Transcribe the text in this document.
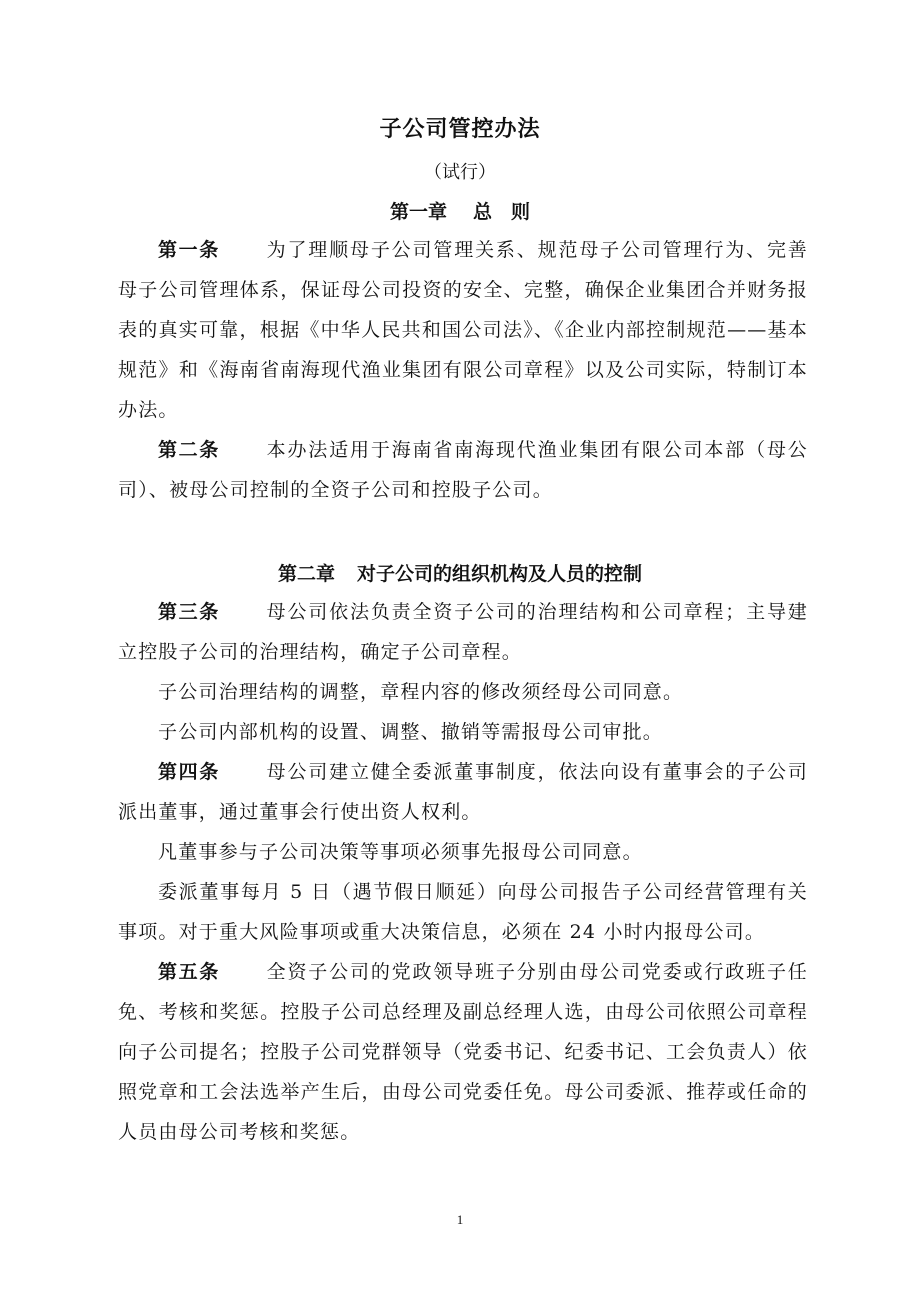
子公司管控办法
（试行）
第一章 总　则

第一条 为了理顺母子公司管理关系、规范母子公司管理行为、完善母子公司管理体系，保证母公司投资的安全、完整，确保企业集团合并财务报表的真实可靠，根据《中华人民共和国公司法》、《企业内部控制规范——基本规范》和《海南省南海现代渔业集团有限公司章程》以及公司实际，特制订本办法。

第二条 本办法适用于海南省南海现代渔业集团有限公司本部（母公司）、被母公司控制的全资子公司和控股子公司。

第二章 对子公司的组织机构及人员的控制

第三条 母公司依法负责全资子公司的治理结构和公司章程；主导建立控股子公司的治理结构，确定子公司章程。

子公司治理结构的调整，章程内容的修改须经母公司同意。

子公司内部机构的设置、调整、撤销等需报母公司审批。

第四条 母公司建立健全委派董事制度，依法向设有董事会的子公司派出董事，通过董事会行使出资人权利。

凡董事参与子公司决策等事项必须事先报母公司同意。

委派董事每月 5 日（遇节假日顺延）向母公司报告子公司经营管理有关事项。对于重大风险事项或重大决策信息，必须在 24 小时内报母公司。

第五条 全资子公司的党政领导班子分别由母公司党委或行政班子任免、考核和奖惩。控股子公司总经理及副总经理人选，由母公司依照公司章程向子公司提名；控股子公司党群领导（党委书记、纪委书记、工会负责人）依照党章和工会法选举产生后，由母公司党委任免。母公司委派、推荐或任命的人员由母公司考核和奖惩。

1
